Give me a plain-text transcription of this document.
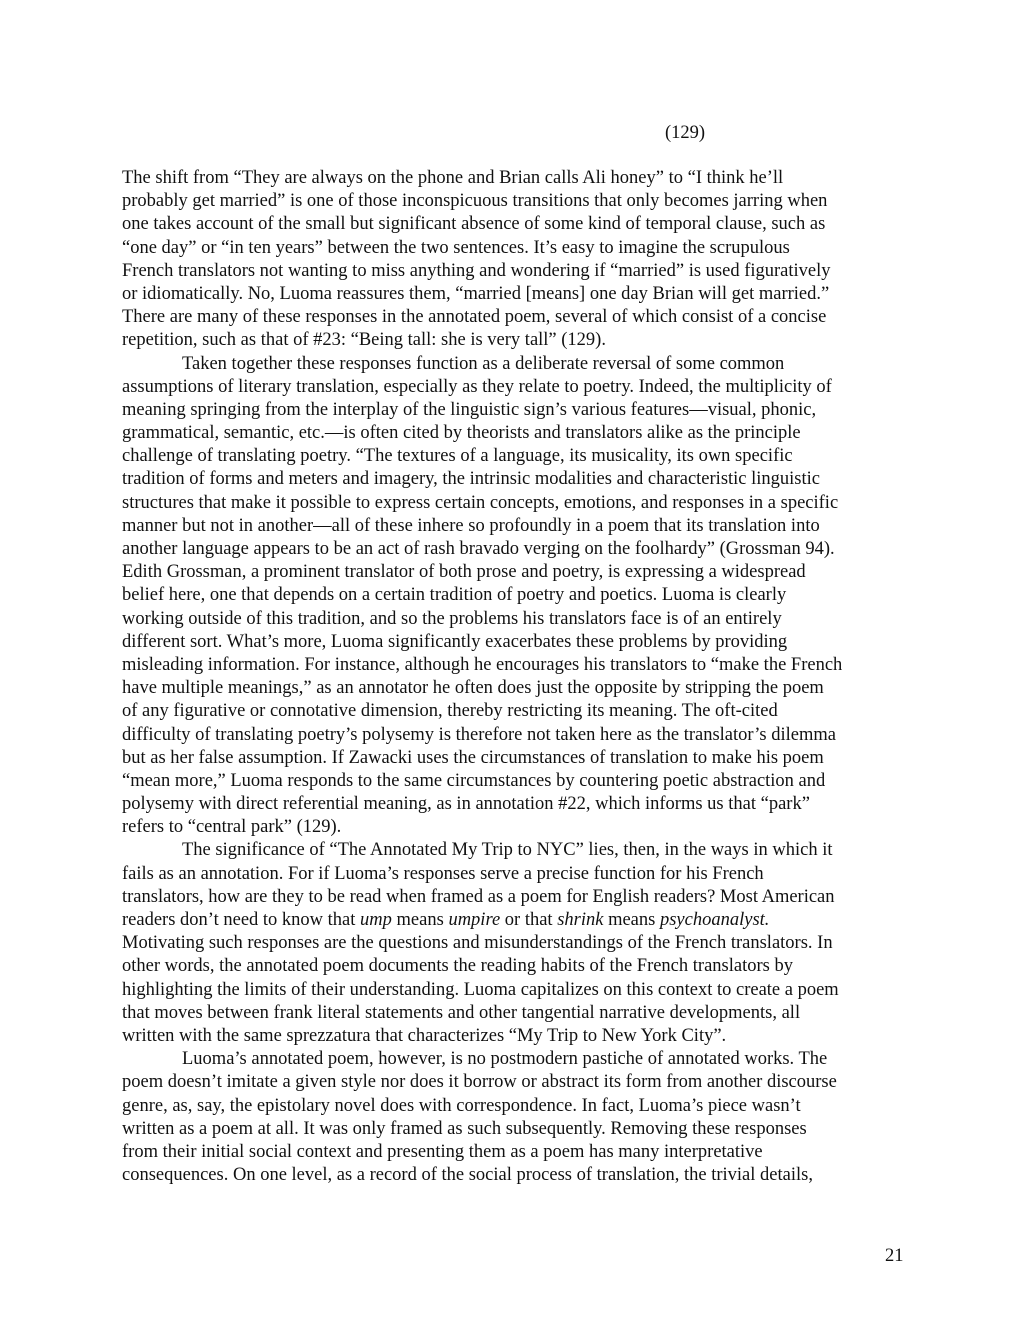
(129)
The shift from “They are always on the phone and Brian calls Ali honey” to “I think he’ll
probably get married” is one of those inconspicuous transitions that only becomes jarring when
one takes account of the small but significant absence of some kind of temporal clause, such as
“one day” or “in ten years” between the two sentences. It’s easy to imagine the scrupulous
French translators not wanting to miss anything and wondering if “married” is used figuratively
or idiomatically. No, Luoma reassures them, “married [means] one day Brian will get married.”
There are many of these responses in the annotated poem, several of which consist of a concise
repetition, such as that of #23: “Being tall: she is very tall” (129).
Taken together these responses function as a deliberate reversal of some common
assumptions of literary translation, especially as they relate to poetry. Indeed, the multiplicity of
meaning springing from the interplay of the linguistic sign’s various features—visual, phonic,
grammatical, semantic, etc.—is often cited by theorists and translators alike as the principle
challenge of translating poetry. “The textures of a language, its musicality, its own specific
tradition of forms and meters and imagery, the intrinsic modalities and characteristic linguistic
structures that make it possible to express certain concepts, emotions, and responses in a specific
manner but not in another—all of these inhere so profoundly in a poem that its translation into
another language appears to be an act of rash bravado verging on the foolhardy” (Grossman 94).
Edith Grossman, a prominent translator of both prose and poetry, is expressing a widespread
belief here, one that depends on a certain tradition of poetry and poetics. Luoma is clearly
working outside of this tradition, and so the problems his translators face is of an entirely
different sort. What’s more, Luoma significantly exacerbates these problems by providing
misleading information. For instance, although he encourages his translators to “make the French
have multiple meanings,” as an annotator he often does just the opposite by stripping the poem
of any figurative or connotative dimension, thereby restricting its meaning. The oft-cited
difficulty of translating poetry’s polysemy is therefore not taken here as the translator’s dilemma
but as her false assumption. If Zawacki uses the circumstances of translation to make his poem
“mean more,” Luoma responds to the same circumstances by countering poetic abstraction and
polysemy with direct referential meaning, as in annotation #22, which informs us that “park”
refers to “central park” (129).
The significance of “The Annotated My Trip to NYC” lies, then, in the ways in which it
fails as an annotation. For if Luoma’s responses serve a precise function for his French
translators, how are they to be read when framed as a poem for English readers? Most American
readers don’t need to know that ump means umpire or that shrink means psychoanalyst.
Motivating such responses are the questions and misunderstandings of the French translators. In
other words, the annotated poem documents the reading habits of the French translators by
highlighting the limits of their understanding. Luoma capitalizes on this context to create a poem
that moves between frank literal statements and other tangential narrative developments, all
written with the same sprezzatura that characterizes “My Trip to New York City”.
Luoma’s annotated poem, however, is no postmodern pastiche of annotated works. The
poem doesn’t imitate a given style nor does it borrow or abstract its form from another discourse
genre, as, say, the epistolary novel does with correspondence. In fact, Luoma’s piece wasn’t
written as a poem at all. It was only framed as such subsequently. Removing these responses
from their initial social context and presenting them as a poem has many interpretative
consequences. On one level, as a record of the social process of translation, the trivial details,
21
